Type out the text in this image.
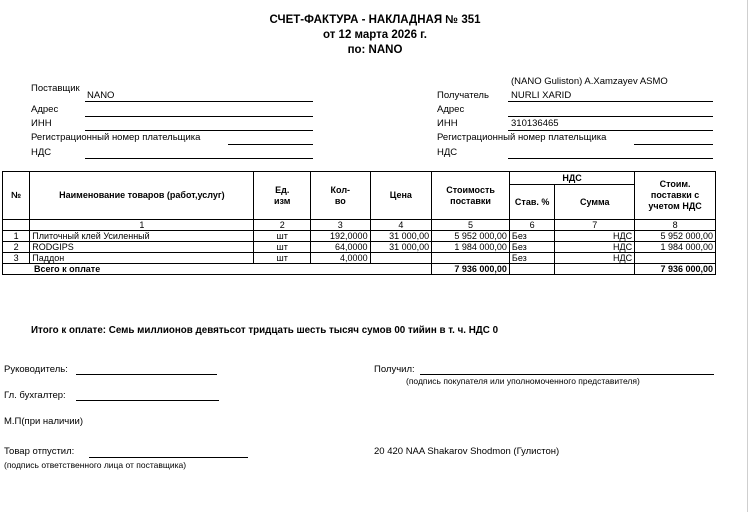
СЧЕТ-ФАКТУРА - НАКЛАДНАЯ № 351
от 12 марта 2026 г.
по: NANO
Поставщик
NANO
Адрес
ИНН
Регистрационный номер плательщика
НДС
(NANO Guliston) A.Xamzayev ASMO
Получатель NURLI XARID
Адрес
ИНН	310136465
Регистрационный номер плательщика
НДС
№	Наименование товаров (работ,услуг)	Ед. изм	Кол-во	Цена	Стоимость поставки	НДС		Стоим. поставки с учетом НДС
						Став. %	Сумма	
	1	2	3	4	5	6	7	8
1	Плиточный клей Усиленный	шт	192,0000	31 000,00	5 952 000,00	Без	НДС	5 952 000,00
2	RODGIPS	шт	64,0000	31 000,00	1 984 000,00	Без	НДС	1 984 000,00
3	Паддон	шт	4,0000			Без	НДС	
Всего к оплате					7 936 000,00			7 936 000,00
Итого к оплате: Семь миллионов девятьсот тридцать шесть тысяч сумов 00 тийин в т. ч. НДС 0
Руководитель:
Гл. бухгалтер:
М.П(при наличии)
Товар отпустил:
(подпись ответственного лица от поставщика)
Получил:
(подпись покупателя или уполномоченного представителя)
20 420 NAA Shakarov Shodmon (Гулистон)
